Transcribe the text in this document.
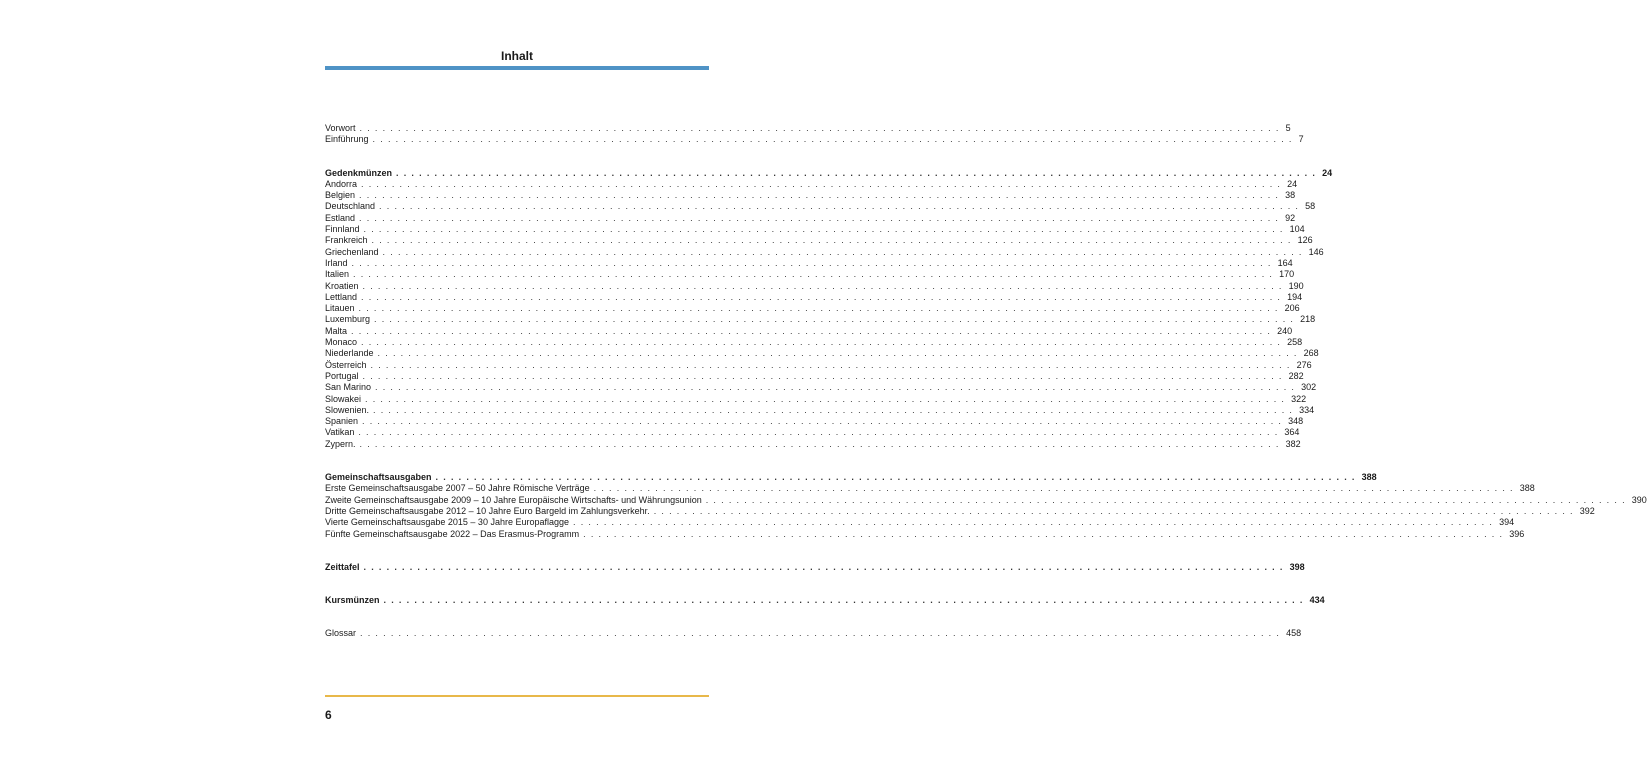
Inhalt
Vorwort ........................................................................................................................ 5
Einführung ........................................................................................................................ 7
Gedenkmünzen ........................................................................................................................ 24
Andorra ........................................................................................................................ 24
Belgien ........................................................................................................................ 38
Deutschland ........................................................................................................................ 58
Estland ........................................................................................................................ 92
Finnland ........................................................................................................................ 104
Frankreich ........................................................................................................................ 126
Griechenland ........................................................................................................................ 146
Irland ........................................................................................................................ 164
Italien ........................................................................................................................ 170
Kroatien ........................................................................................................................ 190
Lettland ........................................................................................................................ 194
Litauen ........................................................................................................................ 206
Luxemburg ........................................................................................................................ 218
Malta ........................................................................................................................ 240
Monaco ........................................................................................................................ 258
Niederlande ........................................................................................................................ 268
Österreich ........................................................................................................................ 276
Portugal ........................................................................................................................ 282
San Marino ........................................................................................................................ 302
Slowakei ........................................................................................................................ 322
Slowenien. ........................................................................................................................ 334
Spanien ........................................................................................................................ 348
Vatikan ........................................................................................................................ 364
Zypern. ........................................................................................................................ 382
Gemeinschaftsausgaben ........................................................................................................................ 388
Erste Gemeinschaftsausgabe 2007 – 50 Jahre Römische Verträge ........................................................................................................................ 388
Zweite Gemeinschaftsausgabe 2009 – 10 Jahre Europäische Wirtschafts- und Währungsunion ........................................................................................................................ 390
Dritte Gemeinschaftsausgabe 2012 – 10 Jahre Euro Bargeld im Zahlungsverkehr. ........................................................................................................................ 392
Vierte Gemeinschaftsausgabe 2015 – 30 Jahre Europaflagge ........................................................................................................................ 394
Fünfte Gemeinschaftsausgabe 2022 – Das Erasmus-Programm ........................................................................................................................ 396
Zeittafel ........................................................................................................................ 398
Kursmünzen ........................................................................................................................ 434
Glossar ........................................................................................................................ 458
6
